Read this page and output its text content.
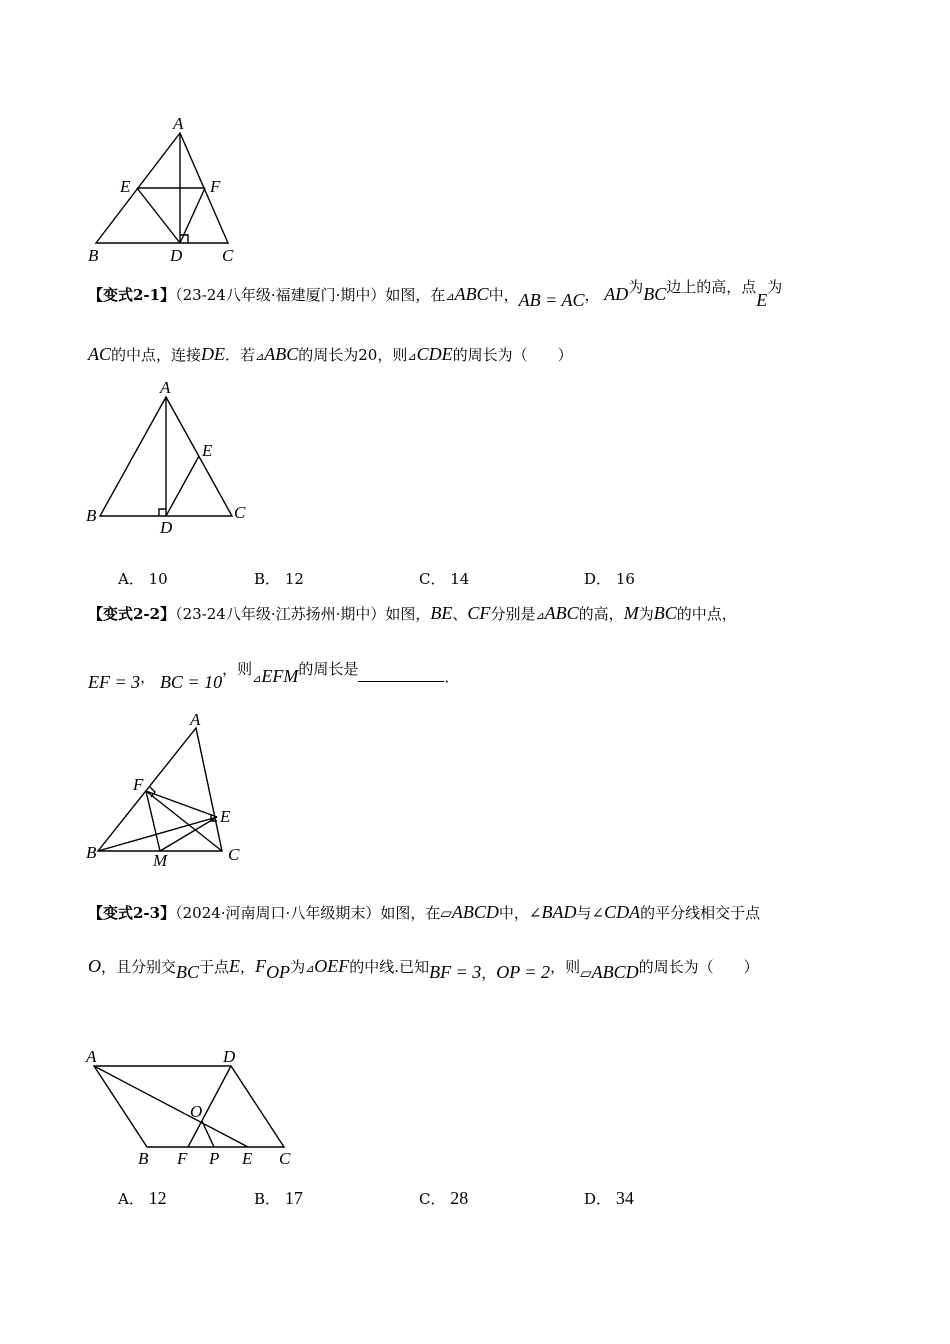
A
E	F
B	D C
【变式2-1】（23-24八年级·福建厦门·期中）如图，在⊿ABC中，AB = AC， AD为BC边上的高，点E为
AC的中点，连接DE．若⊿ABC的周长为20，则⊿CDE的周长为（　　）
A
E
B
D
C
A． 10	B． 12	C． 14	D． 16
【变式2-2】（23-24八年级·江苏扬州·期中）如图，BE、CF分别是⊿ABC的高，M为BC的中点，
EF = 3， BC = 10，则⊿EFM的周长是	．
A
F
E
B	M	C
【变式2-3】（2024·河南周口·八年级期末）如图，在▱ABCD中，∠BAD与∠CDA的平分线相交于点
O，且分别交BC于点E，FOP为⊿OEF的中线.已知BF = 3，OP = 2，则▱ABCD的周长为（　　）
A	D
O
B F P E C
A． 12	B． 17	C． 28	D． 34
